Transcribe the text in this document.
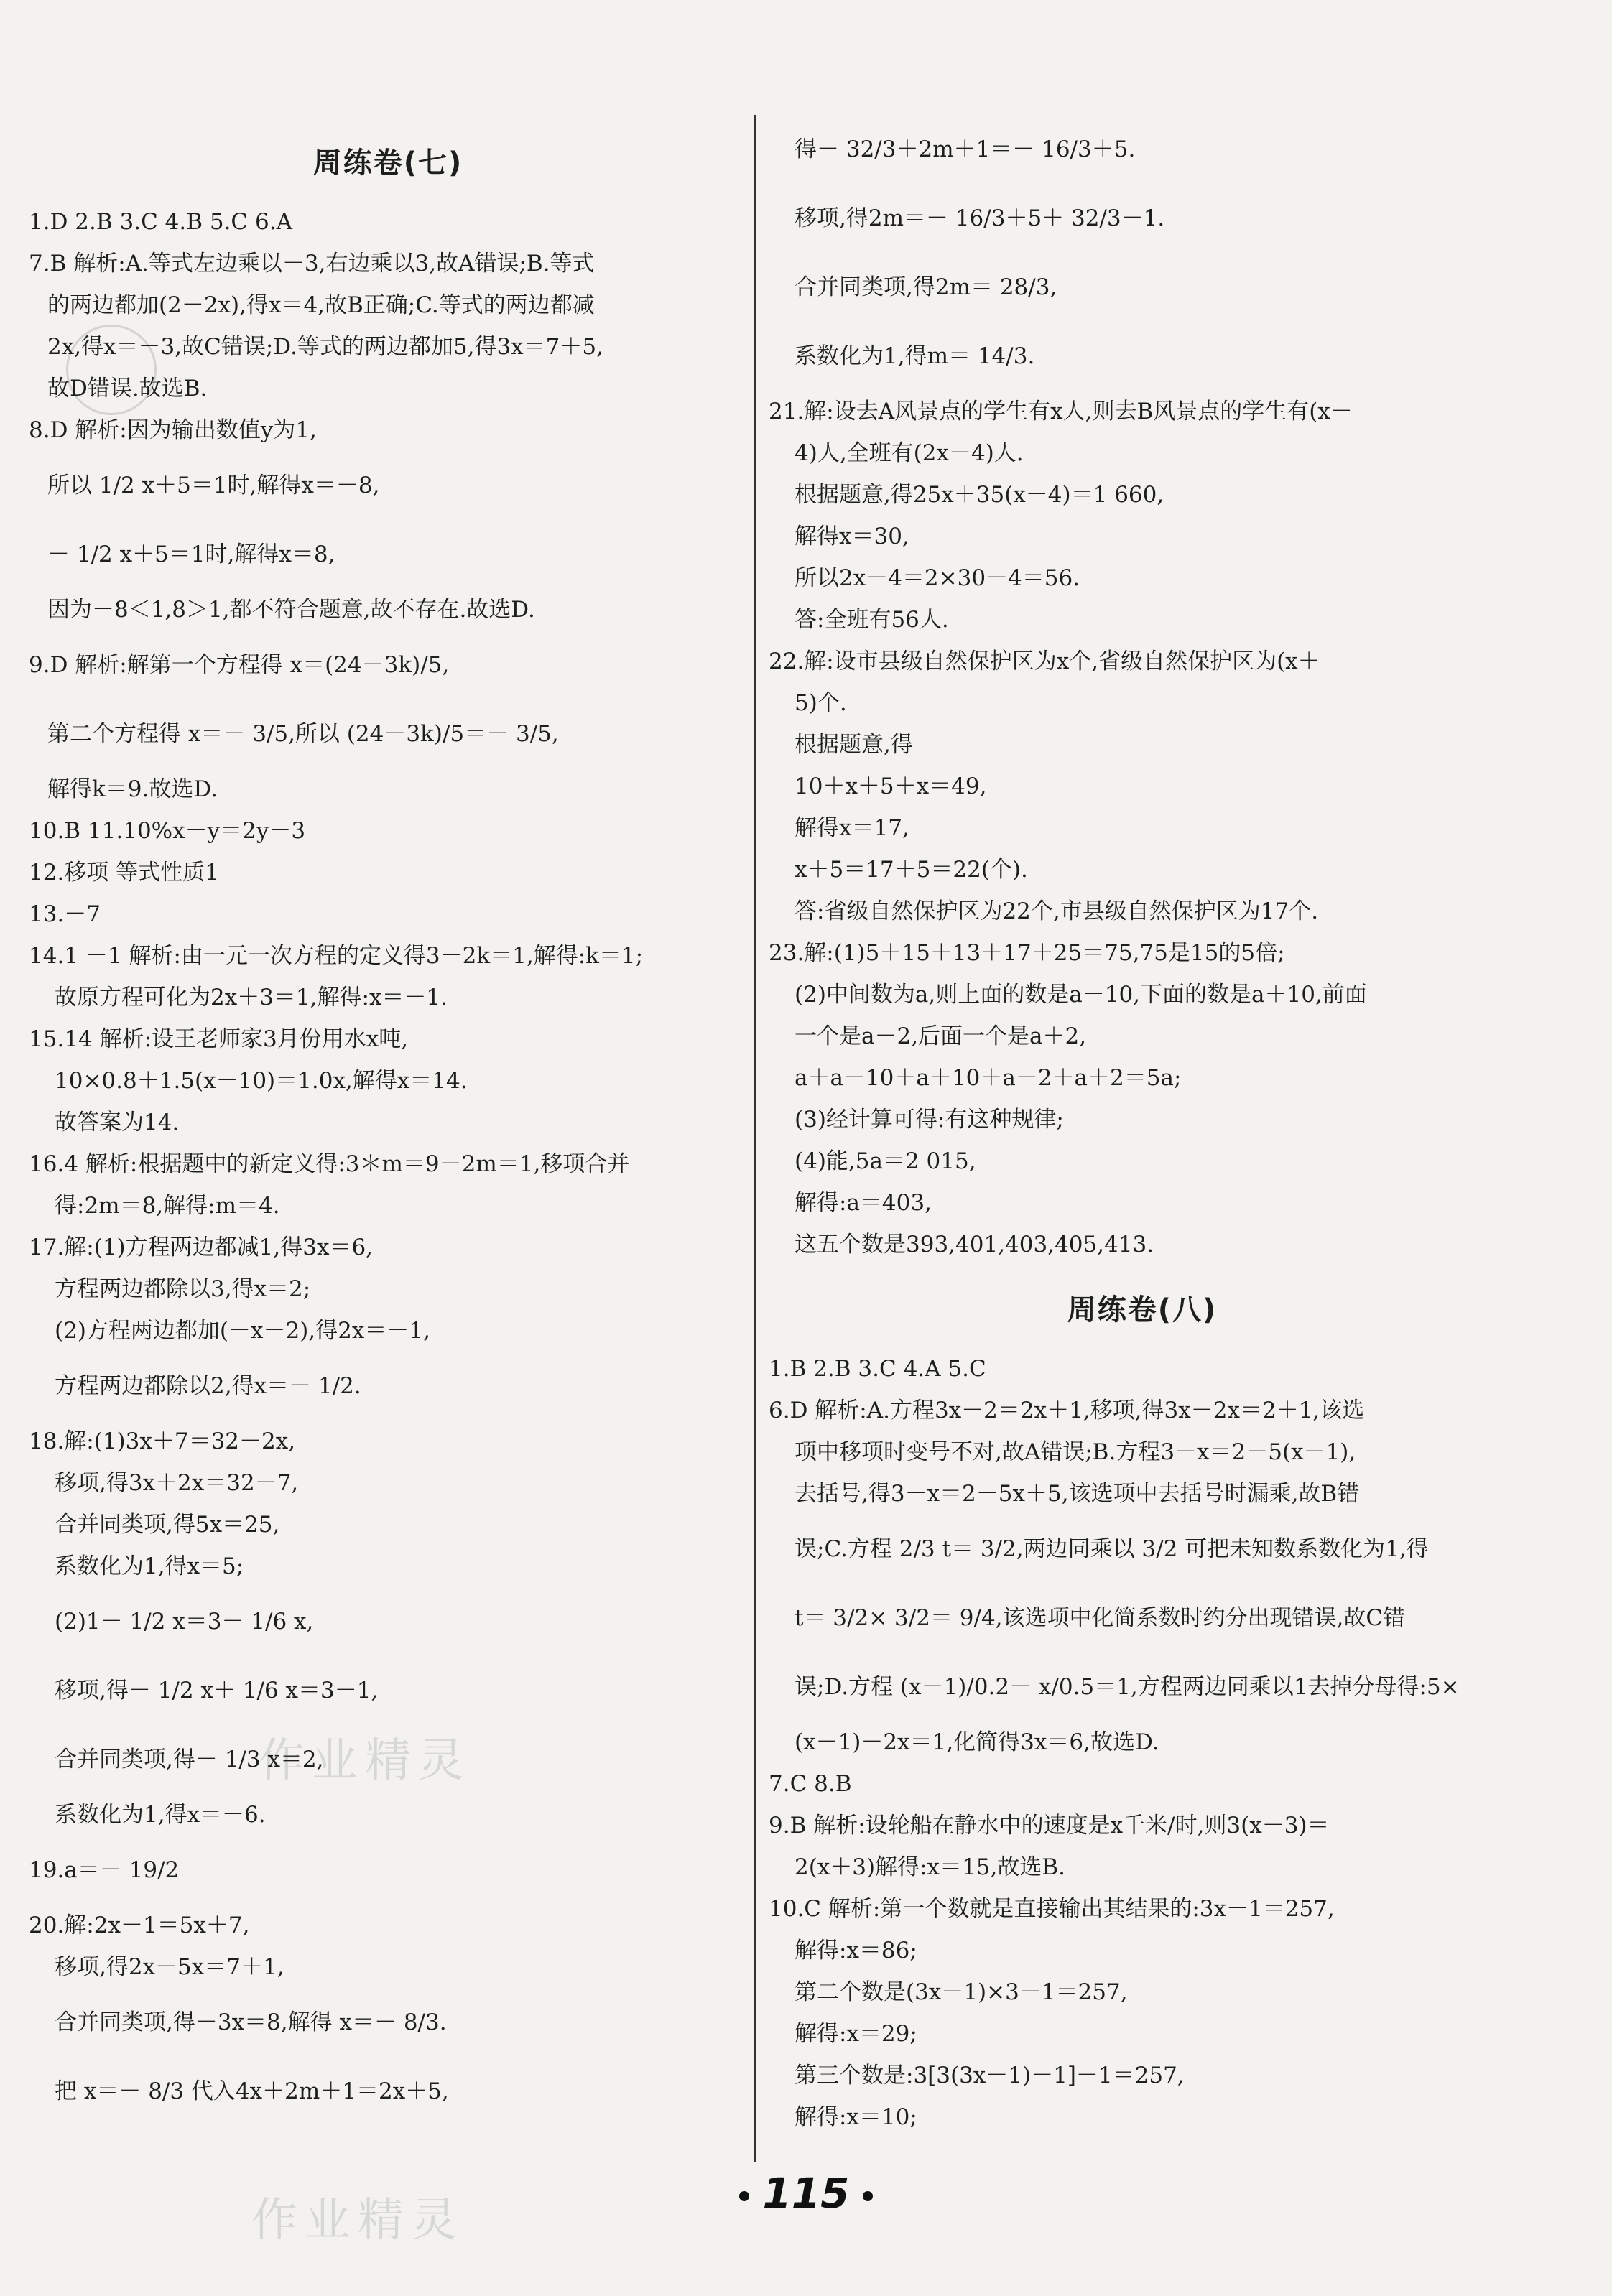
作业精灵
作业精灵
周练卷(七)
1.D 2.B 3.C 4.B 5.C 6.A
7.B 解析:A.等式左边乘以－3,右边乘以3,故A错误;B.等式
的两边都加(2－2x),得x＝4,故B正确;C.等式的两边都减
2x,得x＝－3,故C错误;D.等式的两边都加5,得3x＝7＋5,
故D错误.故选B.
8.D 解析:因为输出数值y为1,
所以 1/2 x＋5＝1时,解得x＝－8,
－ 1/2 x＋5＝1时,解得x＝8,
因为－8＜1,8＞1,都不符合题意,故不存在.故选D.
9.D 解析:解第一个方程得 x＝(24－3k)/5,
第二个方程得 x＝－ 3/5,所以 (24－3k)/5＝－ 3/5,
解得k＝9.故选D.
10.B 11.10%x－y＝2y－3
12.移项 等式性质1
13.－7
14.1 －1 解析:由一元一次方程的定义得3－2k＝1,解得:k＝1;
故原方程可化为2x＋3＝1,解得:x＝－1.
15.14 解析:设王老师家3月份用水x吨,
10×0.8＋1.5(x－10)＝1.0x,解得x＝14.
故答案为14.
16.4 解析:根据题中的新定义得:3＊m＝9－2m＝1,移项合并
得:2m＝8,解得:m＝4.
17.解:(1)方程两边都减1,得3x＝6,
方程两边都除以3,得x＝2;
(2)方程两边都加(－x－2),得2x＝－1,
方程两边都除以2,得x＝－ 1/2.
18.解:(1)3x＋7＝32－2x,
移项,得3x＋2x＝32－7,
合并同类项,得5x＝25,
系数化为1,得x＝5;
(2)1－ 1/2 x＝3－ 1/6 x,
移项,得－ 1/2 x＋ 1/6 x＝3－1,
合并同类项,得－ 1/3 x＝2,
系数化为1,得x＝－6.
19.a＝－ 19/2
20.解:2x－1＝5x＋7,
移项,得2x－5x＝7＋1,
合并同类项,得－3x＝8,解得 x＝－ 8/3.
把 x＝－ 8/3 代入4x＋2m＋1＝2x＋5,
得－ 32/3＋2m＋1＝－ 16/3＋5.
移项,得2m＝－ 16/3＋5＋ 32/3－1.
合并同类项,得2m＝ 28/3,
系数化为1,得m＝ 14/3.
21.解:设去A风景点的学生有x人,则去B风景点的学生有(x－
4)人,全班有(2x－4)人.
根据题意,得25x＋35(x－4)＝1 660,
解得x＝30,
所以2x－4＝2×30－4＝56.
答:全班有56人.
22.解:设市县级自然保护区为x个,省级自然保护区为(x＋
5)个.
根据题意,得
10＋x＋5＋x＝49,
解得x＝17,
x＋5＝17＋5＝22(个).
答:省级自然保护区为22个,市县级自然保护区为17个.
23.解:(1)5＋15＋13＋17＋25＝75,75是15的5倍;
(2)中间数为a,则上面的数是a－10,下面的数是a＋10,前面
一个是a－2,后面一个是a＋2,
a＋a－10＋a＋10＋a－2＋a＋2＝5a;
(3)经计算可得:有这种规律;
(4)能,5a＝2 015,
解得:a＝403,
这五个数是393,401,403,405,413.
周练卷(八)
1.B 2.B 3.C 4.A 5.C
6.D 解析:A.方程3x－2＝2x＋1,移项,得3x－2x＝2＋1,该选
项中移项时变号不对,故A错误;B.方程3－x＝2－5(x－1),
去括号,得3－x＝2－5x＋5,该选项中去括号时漏乘,故B错
误;C.方程 2/3 t＝ 3/2,两边同乘以 3/2 可把未知数系数化为1,得
t＝ 3/2× 3/2＝ 9/4,该选项中化简系数时约分出现错误,故C错
误;D.方程 (x－1)/0.2－ x/0.5＝1,方程两边同乘以1去掉分母得:5×
(x－1)－2x＝1,化简得3x＝6,故选D.
7.C 8.B
9.B 解析:设轮船在静水中的速度是x千米/时,则3(x－3)＝
2(x＋3)解得:x＝15,故选B.
10.C 解析:第一个数就是直接输出其结果的:3x－1＝257,
解得:x＝86;
第二个数是(3x－1)×3－1＝257,
解得:x＝29;
第三个数是:3[3(3x－1)－1]－1＝257,
解得:x＝10;
115
